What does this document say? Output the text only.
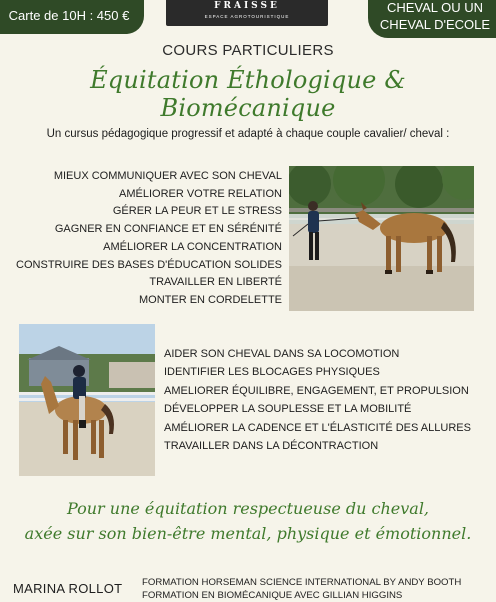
Carte de 10H : 450 €
FRAISSE
ESPACE AGROTOURISTIQUE
CHEVAL OU UN
CHEVAL D'ECOLE
COURS PARTICULIERS
Équitation Éthologique & Biomécanique
Un cursus pédagogique progressif et adapté à chaque couple cavalier/ cheval :
MIEUX COMMUNIQUER AVEC SON CHEVAL
AMÉLIORER VOTRE RELATION
GÉRER LA PEUR ET LE STRESS
GAGNER EN CONFIANCE ET EN SÉRÉNITÉ
AMÉLIORER LA CONCENTRATION
CONSTRUIRE DES BASES D'ÉDUCATION SOLIDES
TRAVAILLER EN LIBERTÉ
MONTER EN CORDELETTE
AIDER SON CHEVAL DANS SA LOCOMOTION
IDENTIFIER LES BLOCAGES PHYSIQUES
AMELIORER ÉQUILIBRE, ENGAGEMENT, ET PROPULSION
DÉVELOPPER LA SOUPLESSE ET LA MOBILITÉ
AMÉLIORER LA CADENCE ET L'ÉLASTICITÉ DES ALLURES
TRAVAILLER DANS LA DÉCONTRACTION
Pour une équitation respectueuse du cheval,
axée sur son bien-être mental, physique et émotionnel.
MARINA ROLLOT FORMATION HORSEMAN SCIENCE INTERNATIONAL BY ANDY BOOTH
FORMATION EN BIOMÉCANIQUE AVEC GILLIAN HIGGINS
